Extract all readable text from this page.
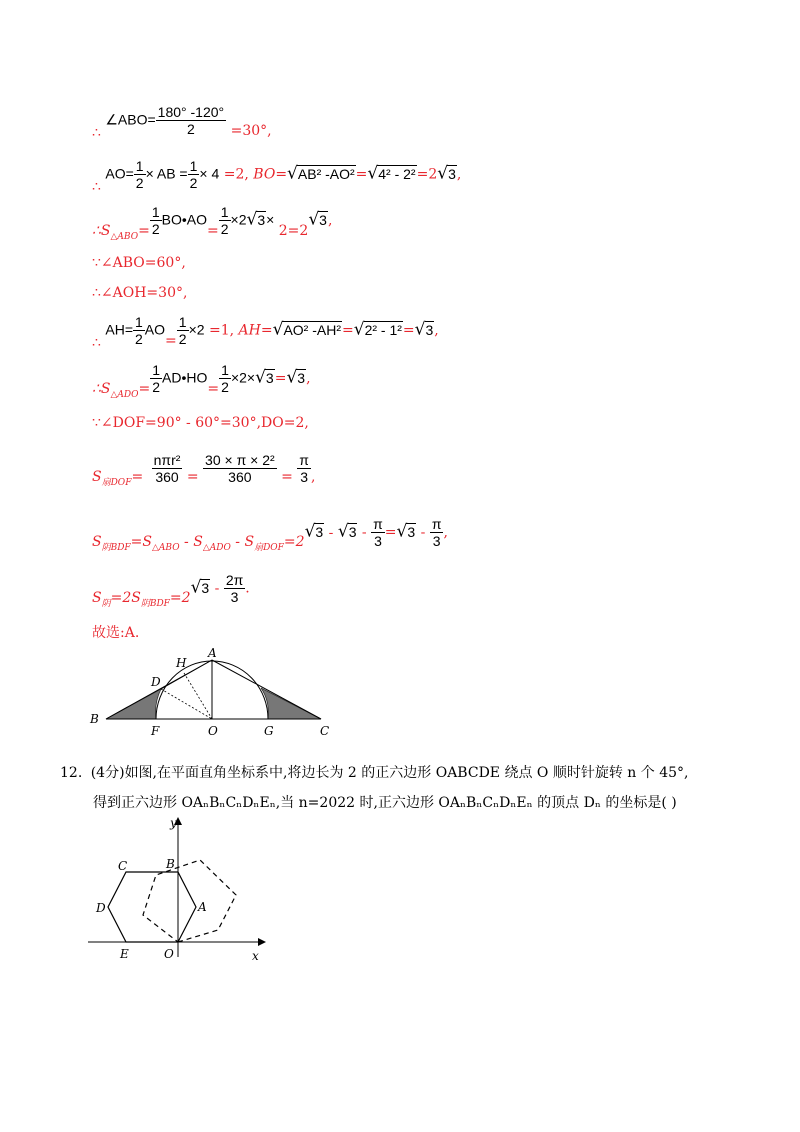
∴ ∠ABO= $\frac{180^\circ -120^\circ}{2} =30^\circ$,
∴ $AO= \frac{1}{2}$ × AB = $\frac{1}{2} \times 4 =2$, BO=√AB² -AO²=√4² - 2²=2√3,
$\therefore S_{\triangle ABO}= \frac{1}{2}$ BO•AO= $\frac{1}{2} \times 2√3\times 2=2√3$,
∵∠ABO=60°,
∴∠AOH=30°,
∴ $AH= \frac{1}{2} AO= \frac{1}{2} \times 2 =1$, AH=√AO² -AH²=√2² - 1²=√3,
$\therefore S_{\triangle ADO}= \frac{1}{2}$ AD•HO= $\frac{1}{2} \times 2\times√3=√3$,
∵∠DOF=90° - 60°=30°,DO=2,
$S_{扇DOF}= \frac{\text{nπr²}}{360} = \frac{\text{30 × π × 2²}}{360} = \frac{\pi}{3}$ ,
$S_{阴BDF}=S_{\triangle ABO} - S_{\triangle ADO} - S_{扇DOF}=2√3 - √3 - \frac{\pi}{3} =√3 - \frac{\pi}{3}$ ,
$S_阴=2S_{阴BDF}=2√3 - \frac{2\pi}{3}$ .
故选:A.
A
B
C
D
F	G
H
O
12. (4分)如图,在平面直角坐标系中,将边长为 2 的正六边形 OABCDE 绕点 O 顺时针旋转 n 个 45°,
得到正六边形 OAₙBₙCₙDₙEₙ,当 n=2022 时,正六边形 OAₙBₙCₙDₙEₙ 的顶点 Dₙ 的坐标是( )
y
x
O
A
B
C
D
E
